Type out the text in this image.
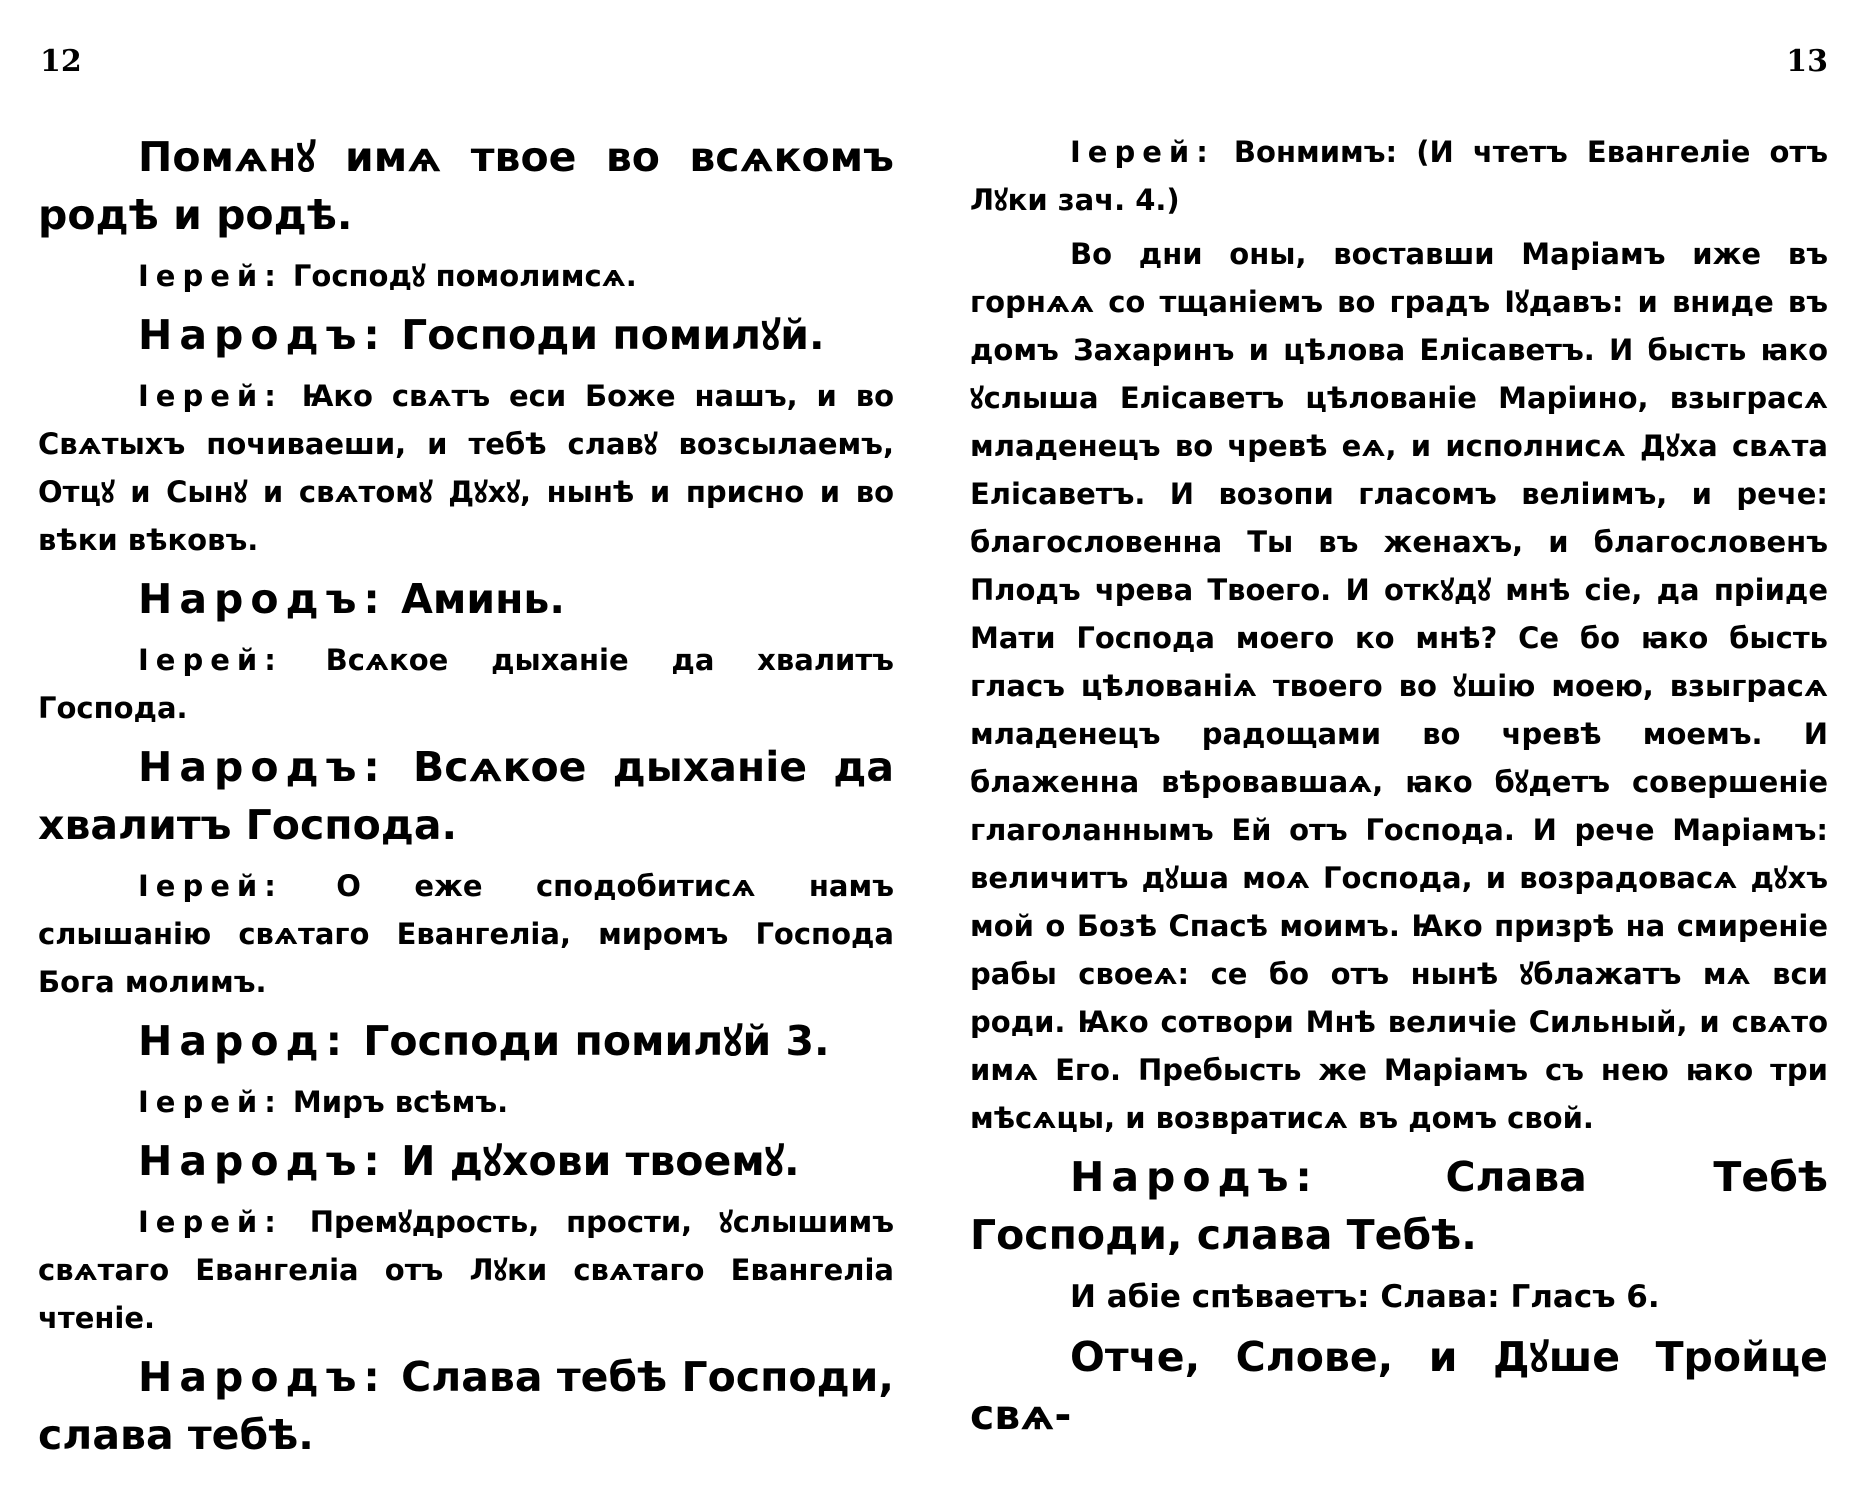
12

Помѧнꙋ имѧ твое во всѧкомъ родѣ и родѣ.

Ιерей: Господꙋ помолимсѧ.

Народъ: Господи помилꙋй.

Ιерей: Ꙗко свѧтъ еси Боже нашъ, и во Свѧтыхъ почиваеши, и тебѣ славꙋ возсылаемъ, Отцꙋ и Сынꙋ и свѧтомꙋ Дꙋхꙋ, нынѣ и присно и во вѣки вѣковъ.

Народъ: Аминь.

Ιерей: Всѧкое дыханіе да хвалитъ Господа.

Народъ: Всѧкое дыханіе да хвалитъ Господа.

Ιерей: О еже сподобитисѧ намъ слышанію свѧтаго Евангеліа, миромъ Господа Бога молимъ.

Народ: Господи помилꙋй 3.

Ιерей: Миръ всѣмъ.

Народъ: И дꙋхови твоемꙋ.

Ιерей: Премꙋдрость, прости, ꙋслышимъ свѧтаго Евангеліа отъ Лꙋки свѧтаго Евангеліа чтеніе.

Народъ: Слава тебѣ Господи, слава тебѣ.

13

Ιерей: Вонмимъ: (И чтетъ Евангеліе отъ Лꙋки зач. 4.)

Во дни оны, воставши Маріамъ иже въ горнѧѧ со тщаніемъ во градъ Іꙋдавъ: и вниде въ домъ Захаринъ и цѣлова Елісаветъ. И бысть ꙗко ꙋслыша Елісаветъ цѣлованіе Маріино, взыграсѧ младенецъ во чревѣ еѧ, и исполнисѧ Дꙋха свѧта Елісаветъ. И возопи гласомъ веліимъ, и рече: благословенна Ты въ женахъ, и благословенъ Плодъ чрева Твоего. И откꙋдꙋ мнѣ сіе, да пріиде Мати Господа моего ко мнѣ? Се бо ꙗко бысть гласъ цѣлованіѧ твоего во ꙋшію моею, взыграсѧ младенецъ радощами во чревѣ моемъ. И блаженна вѣровавшаѧ, ꙗко бꙋдетъ совершеніе глаголаннымъ Ей отъ Господа. И рече Маріамъ: величитъ дꙋша моѧ Господа, и возрадовасѧ дꙋхъ мой о Бозѣ Спасѣ моимъ. Ꙗко призрѣ на смиреніе рабы своеѧ: се бо отъ нынѣ ꙋблажатъ мѧ вси роди. Ꙗко сотвори Мнѣ величіе Сильный, и свѧто имѧ Его. Пребысть же Маріамъ съ нею ꙗко три мѣсѧцы, и возвратисѧ въ домъ свой.

Народъ:	Слава Тебѣ Господи, слава Тебѣ.

И абіе спѣваетъ: Слава: Гласъ 6.

Отче, Слове, и Дꙋше Тройце свѧ-
